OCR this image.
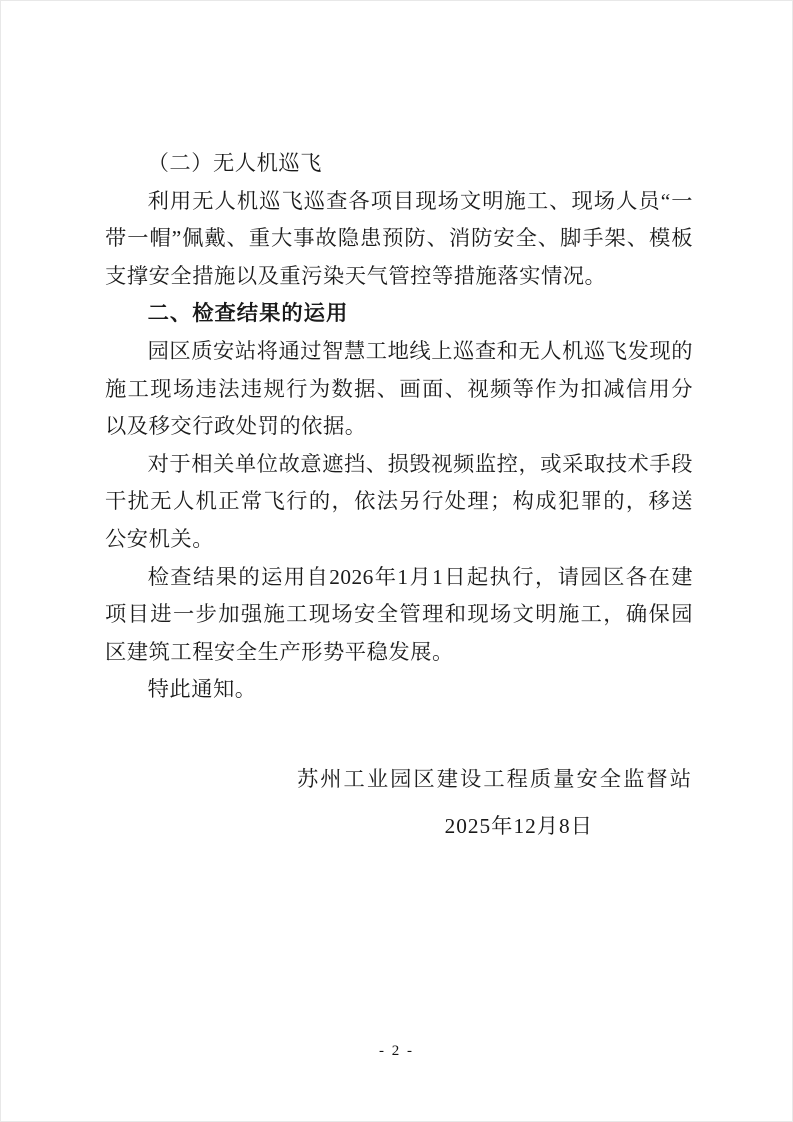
（二）无人机巡飞

利用无人机巡飞巡查各项目现场文明施工、现场人员“一带一帽”佩戴、重大事故隐患预防、消防安全、脚手架、模板支撑安全措施以及重污染天气管控等措施落实情况。

二、检查结果的运用

园区质安站将通过智慧工地线上巡查和无人机巡飞发现的施工现场违法违规行为数据、画面、视频等作为扣减信用分以及移交行政处罚的依据。

对于相关单位故意遮挡、损毁视频监控，或采取技术手段干扰无人机正常飞行的，依法另行处理；构成犯罪的，移送公安机关。

检查结果的运用自2026年1月1日起执行，请园区各在建项目进一步加强施工现场安全管理和现场文明施工，确保园区建筑工程安全生产形势平稳发展。

特此通知。

苏州工业园区建设工程质量安全监督站

2025年12月8日

- 2 -
